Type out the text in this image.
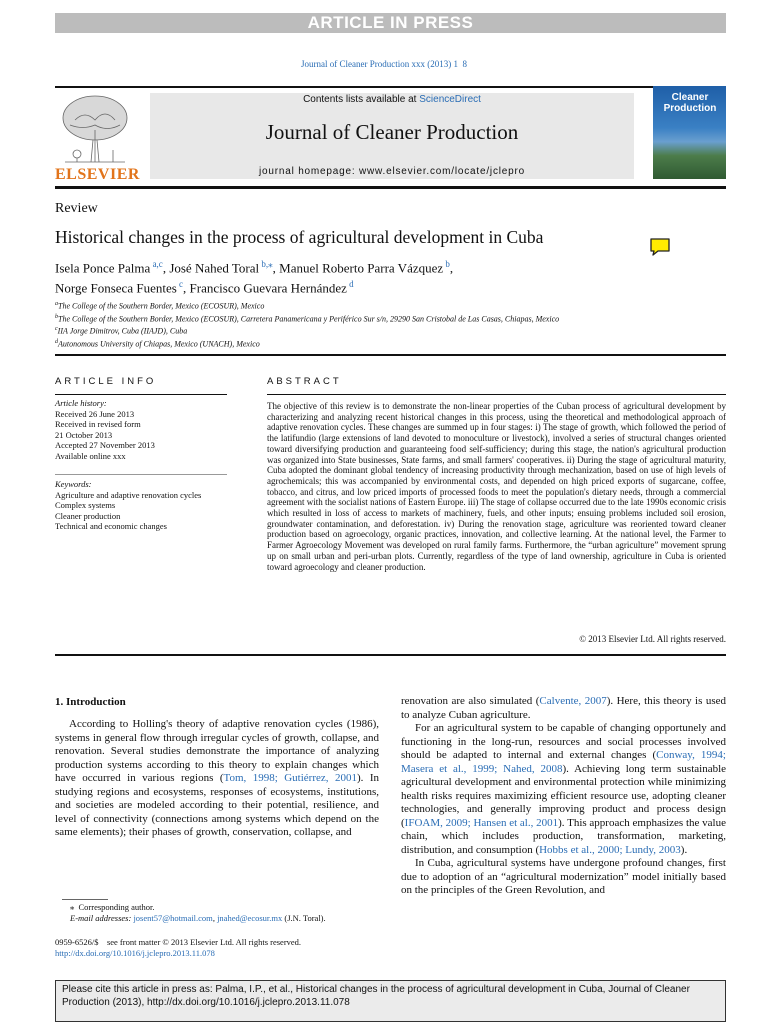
ARTICLE IN PRESS
Journal of Cleaner Production xxx (2013) 1  8
ELSEVIER
Contents lists available at ScienceDirect
Journal of Cleaner Production
journal homepage: www.elsevier.com/locate/jclepro
Cleaner Production
Review
Historical changes in the process of agricultural development in Cuba
Isela Ponce Palma $^{a,c}$, José Nahed Toral $^{b,⁎}$, Manuel Roberto Parra Vázquez $^b$,
Norge Fonseca Fuentes $^c$, Francisco Guevara Hernández $^d$
$^a$The College of the Southern Border, Mexico (ECOSUR), Mexico
$^b$The College of the Southern Border, Mexico (ECOSUR), Carretera Panamericana y Periférico Sur s/n, 29290 San Cristobal de Las Casas, Chiapas, Mexico
$^c$IIA Jorge Dimitrov, Cuba (IIAJD), Cuba
$^d$Autonomous University of Chiapas, Mexico (UNACH), Mexico
ARTICLE INFO	ABSTRACT
Article history:
Received 26 June 2013
Received in revised form
21 October 2013
Accepted 27 November 2013
Available online xxx
Keywords:
Agriculture and adaptive renovation cycles
Complex systems
Cleaner production
Technical and economic changes
The objective of this review is to demonstrate the non-linear properties of the Cuban process of agricultural development by characterizing and analyzing recent historical changes in this process, using the theoretical and methodological approach of adaptive renovation cycles. These changes are summed up in four stages: i) The stage of growth, which followed the period of the latifundio (large extensions of land devoted to monoculture or livestock), involved a series of structural changes oriented toward diversifying production and guaranteeing food self-sufficiency; during this stage, the nation's agricultural production was organized into State businesses, State farms, and small farmers' cooperatives. ii) During the stage of agricultural maturity, Cuba adopted the dominant global tendency of increasing productivity through mechanization, based on use of high levels of agrochemicals; this was accompanied by environmental costs, and depended on high priced exports of sugarcane, coffee, tobacco, and citrus, and low priced imports of processed foods to meet the population's dietary needs, through a commercial agreement with the socialist nations of Eastern Europe. iii) The stage of collapse occurred due to the late 1990s economic crisis which resulted in loss of access to markets of machinery, fuels, and other inputs; ensuing problems included soil erosion, groundwater contamination, and deforestation. iv) During the renovation stage, agriculture was reoriented toward cleaner production based on agroecology, organic practices, innovation, and collective learning. At the national level, the Farmer to Farmer Agroecology Movement was developed on rural family farms. Furthermore, the “urban agriculture” movement sprung up on small urban and peri-urban plots. Currently, regardless of the type of land ownership, agriculture in Cuba is oriented toward agroecology and cleaner production.
© 2013 Elsevier Ltd. All rights reserved.
1. Introduction
According to Holling's theory of adaptive renovation cycles (1986), systems in general flow through irregular cycles of growth, collapse, and renovation. Several studies demonstrate the importance of analyzing production systems according to this theory to explain changes which have occurred in various regions (Tom, 1998; Gutiérrez, 2001). In studying regions and ecosystems, responses of ecosystems, institutions, and societies are modeled according to their potential, resilience, and level of connectivity (connections among systems which depend on the same elements); their phases of growth, conservation, collapse, and

renovation are also simulated (Calvente, 2007). Here, this theory is used to analyze Cuban agriculture.

For an agricultural system to be capable of changing opportunely and functioning in the long-run, resources and social processes involved should be adapted to internal and external changes (Conway, 1994; Masera et al., 1999; Nahed, 2008). Achieving long term sustainable agricultural development and environmental protection while minimizing health risks requires maximizing efficient resource use, adopting cleaner technologies, and generally improving product and process design (IFOAM, 2009; Hansen et al., 2001). This approach emphasizes the value chain, which includes production, transformation, marketing, distribution, and consumption (Hobbs et al., 2000; Lundy, 2003).

In Cuba, agricultural systems have undergone profound changes, first due to adoption of an “agricultural modernization” model initially based on the principles of the Green Revolution, and

⁎ Corresponding author.
E-mail addresses: josent57@hotmail.com, jnahed@ecosur.mx (J.N. Toral).
0959-6526/$    see front matter © 2013 Elsevier Ltd. All rights reserved.
http://dx.doi.org/10.1016/j.jclepro.2013.11.078
Please cite this article in press as: Palma, I.P., et al., Historical changes in the process of agricultural development in Cuba, Journal of Cleaner Production (2013), http://dx.doi.org/10.1016/j.jclepro.2013.11.078
